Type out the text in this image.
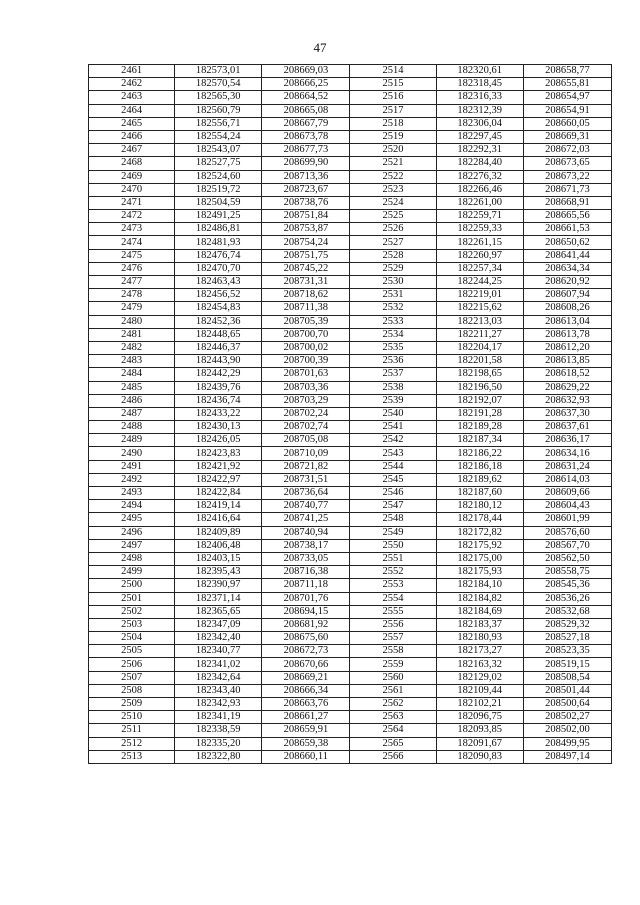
47
2461	182573,01	208669,03	2514	182320,61	208658,77
2462	182570,54	208666,25	2515	182318,45	208655,81
2463	182565,30	208664,52	2516	182316,33	208654,97
2464	182560,79	208665,08	2517	182312,39	208654,91
2465	182556,71	208667,79	2518	182306,04	208660,05
2466	182554,24	208673,78	2519	182297,45	208669,31
2467	182543,07	208677,73	2520	182292,31	208672,03
2468	182527,75	208699,90	2521	182284,40	208673,65
2469	182524,60	208713,36	2522	182276,32	208673,22
2470	182519,72	208723,67	2523	182266,46	208671,73
2471	182504,59	208738,76	2524	182261,00	208668,91
2472	182491,25	208751,84	2525	182259,71	208665,56
2473	182486,81	208753,87	2526	182259,33	208661,53
2474	182481,93	208754,24	2527	182261,15	208650,62
2475	182476,74	208751,75	2528	182260,97	208641,44
2476	182470,70	208745,22	2529	182257,34	208634,34
2477	182463,43	208731,31	2530	182244,25	208620,92
2478	182456,52	208718,62	2531	182219,01	208607,94
2479	182454,83	208711,38	2532	182215,62	208608,26
2480	182452,36	208705,39	2533	182213,03	208613,04
2481	182448,65	208700,70	2534	182211,27	208613,78
2482	182446,37	208700,02	2535	182204,17	208612,20
2483	182443,90	208700,39	2536	182201,58	208613,85
2484	182442,29	208701,63	2537	182198,65	208618,52
2485	182439,76	208703,36	2538	182196,50	208629,22
2486	182436,74	208703,29	2539	182192,07	208632,93
2487	182433,22	208702,24	2540	182191,28	208637,30
2488	182430,13	208702,74	2541	182189,28	208637,61
2489	182426,05	208705,08	2542	182187,34	208636,17
2490	182423,83	208710,09	2543	182186,22	208634,16
2491	182421,92	208721,82	2544	182186,18	208631,24
2492	182422,97	208731,51	2545	182189,62	208614,03
2493	182422,84	208736,64	2546	182187,60	208609,66
2494	182419,14	208740,77	2547	182180,12	208604,43
2495	182416,64	208741,25	2548	182178,44	208601,99
2496	182409,89	208740,94	2549	182172,82	208576,60
2497	182406,48	208738,17	2550	182175,92	208567,70
2498	182403,15	208733,05	2551	182175,00	208562,50
2499	182395,43	208716,38	2552	182175,93	208558,75
2500	182390,97	208711,18	2553	182184,10	208545,36
2501	182371,14	208701,76	2554	182184,82	208536,26
2502	182365,65	208694,15	2555	182184,69	208532,68
2503	182347,09	208681,92	2556	182183,37	208529,32
2504	182342,40	208675,60	2557	182180,93	208527,18
2505	182340,77	208672,73	2558	182173,27	208523,35
2506	182341,02	208670,66	2559	182163,32	208519,15
2507	182342,64	208669,21	2560	182129,02	208508,54
2508	182343,40	208666,34	2561	182109,44	208501,44
2509	182342,93	208663,76	2562	182102,21	208500,64
2510	182341,19	208661,27	2563	182096,75	208502,27
2511	182338,59	208659,91	2564	182093,85	208502,00
2512	182335,20	208659,38	2565	182091,67	208499,95
2513	182322,80	208660,11	2566	182090,83	208497,14
